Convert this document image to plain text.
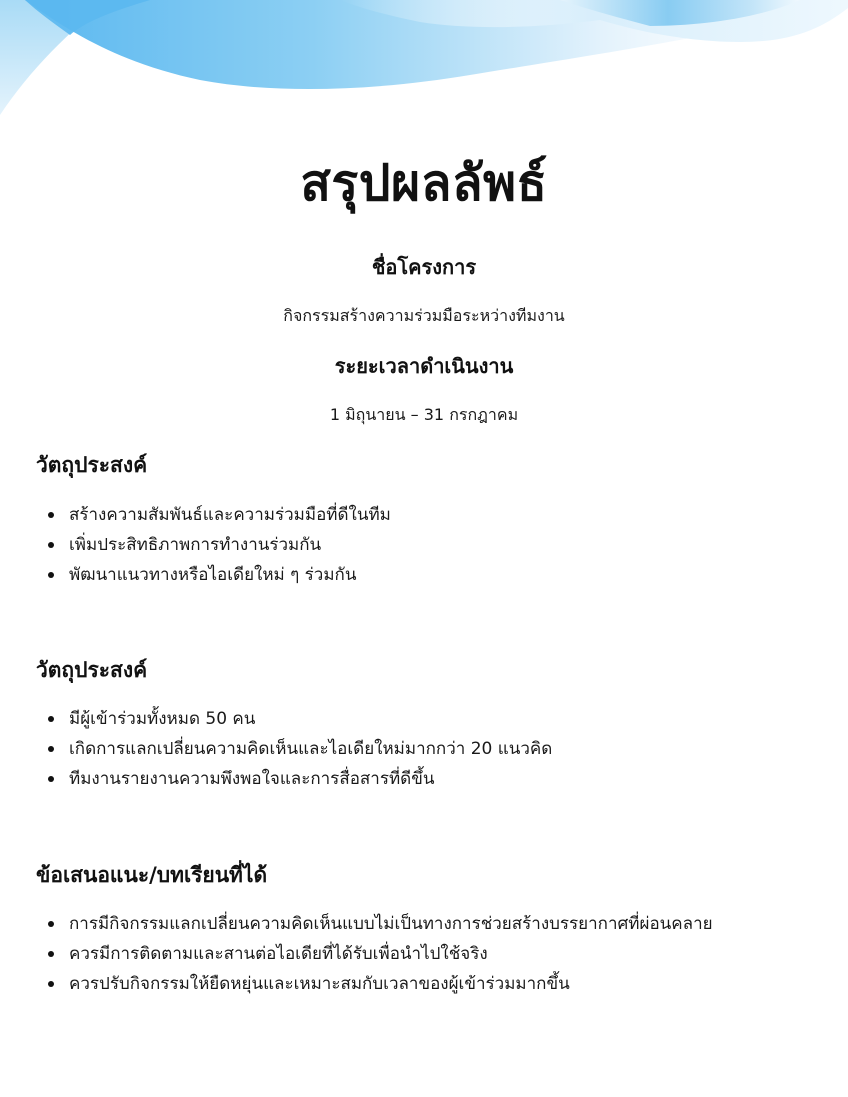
สรุปผลลัพธ์
ชื่อโครงการ

กิจกรรมสร้างความร่วมมือระหว่างทีมงาน

ระยะเวลาดำเนินงาน

1 มิถุนายน – 31 กรกฎาคม

วัตถุประสงค์
สร้างความสัมพันธ์และความร่วมมือที่ดีในทีม
เพิ่มประสิทธิภาพการทำงานร่วมกัน
พัฒนาแนวทางหรือไอเดียใหม่ ๆ ร่วมกัน
วัตถุประสงค์
มีผู้เข้าร่วมทั้งหมด 50 คน
เกิดการแลกเปลี่ยนความคิดเห็นและไอเดียใหม่มากกว่า 20 แนวคิด
ทีมงานรายงานความพึงพอใจและการสื่อสารที่ดีขึ้น
ข้อเสนอแนะ/บทเรียนที่ได้
การมีกิจกรรมแลกเปลี่ยนความคิดเห็นแบบไม่เป็นทางการช่วยสร้างบรรยากาศที่ผ่อนคลาย
ควรมีการติดตามและสานต่อไอเดียที่ได้รับเพื่อนำไปใช้จริง
ควรปรับกิจกรรมให้ยืดหยุ่นและเหมาะสมกับเวลาของผู้เข้าร่วมมากขึ้น
